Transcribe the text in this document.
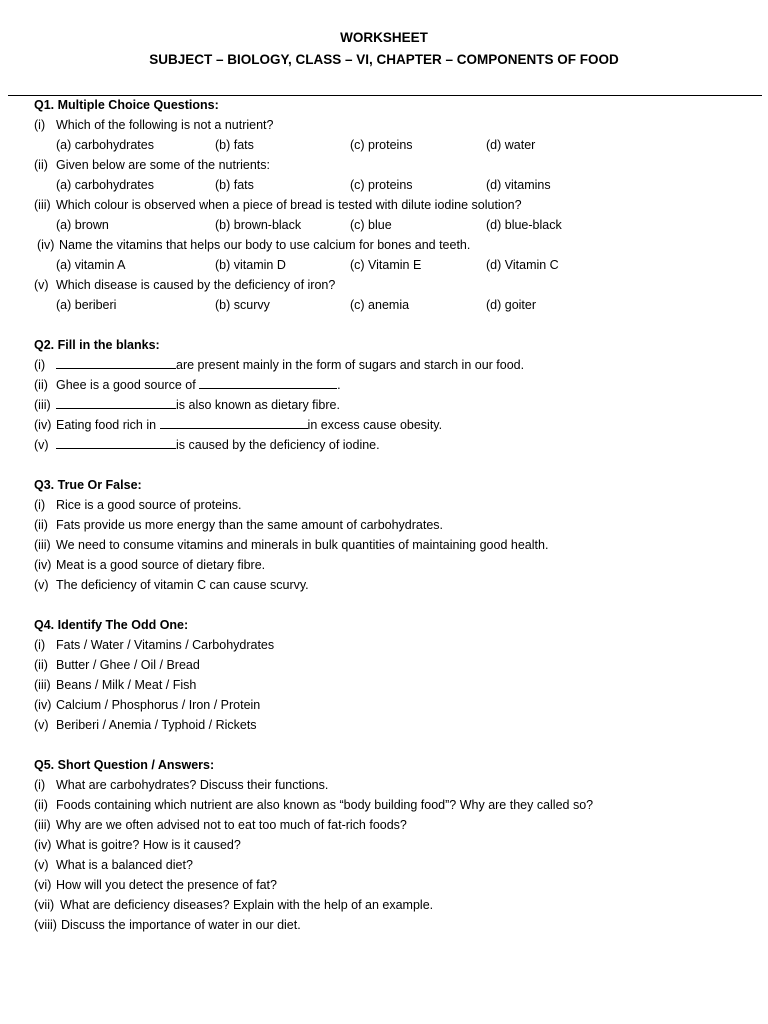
WORKSHEET
SUBJECT – BIOLOGY, CLASS – VI, CHAPTER – COMPONENTS OF FOOD
Q1. Multiple Choice Questions:
(i) Which of the following is not a nutrient?
(a) carbohydrates	(b) fats	(c) proteins	(d) water
(ii) Given below are some of the nutrients:
(a) carbohydrates	(b) fats	(c) proteins	(d) vitamins
(iii) Which colour is observed when a piece of bread is tested with dilute iodine solution?
(a) brown	(b) brown-black	(c) blue	(d) blue-black
(iv) Name the vitamins that helps our body to use calcium for bones and teeth.
(a) vitamin A	(b) vitamin D	(c) Vitamin E	(d) Vitamin C
(v) Which disease is caused by the deficiency of iron?
(a) beriberi	(b) scurvy	(c) anemia	(d) goiter
Q2. Fill in the blanks:
(i)	are present mainly in the form of sugars and starch in our food.
(ii) Ghee is a good source of	.
(iii)	is also known as dietary fibre.
(iv) Eating food rich in	in excess cause obesity.
(v)	is caused by the deficiency of iodine.
Q3. True Or False:
(i) Rice is a good source of proteins.
(ii) Fats provide us more energy than the same amount of carbohydrates.
(iii) We need to consume vitamins and minerals in bulk quantities of maintaining good health.
(iv) Meat is a good source of dietary fibre.
(v) The deficiency of vitamin C can cause scurvy.
Q4. Identify The Odd One:
(i) Fats / Water / Vitamins / Carbohydrates
(ii) Butter / Ghee / Oil / Bread
(iii) Beans / Milk / Meat / Fish
(iv) Calcium / Phosphorus / Iron / Protein
(v) Beriberi / Anemia / Typhoid / Rickets
Q5. Short Question / Answers:
(i) What are carbohydrates? Discuss their functions.
(ii) Foods containing which nutrient are also known as “body building food”? Why are they called so?
(iii) Why are we often advised not to eat too much of fat-rich foods?
(iv) What is goitre? How is it caused?
(v) What is a balanced diet?
(vi) How will you detect the presence of fat?
(vii) What are deficiency diseases? Explain with the help of an example.
(viii) Discuss the importance of water in our diet.
